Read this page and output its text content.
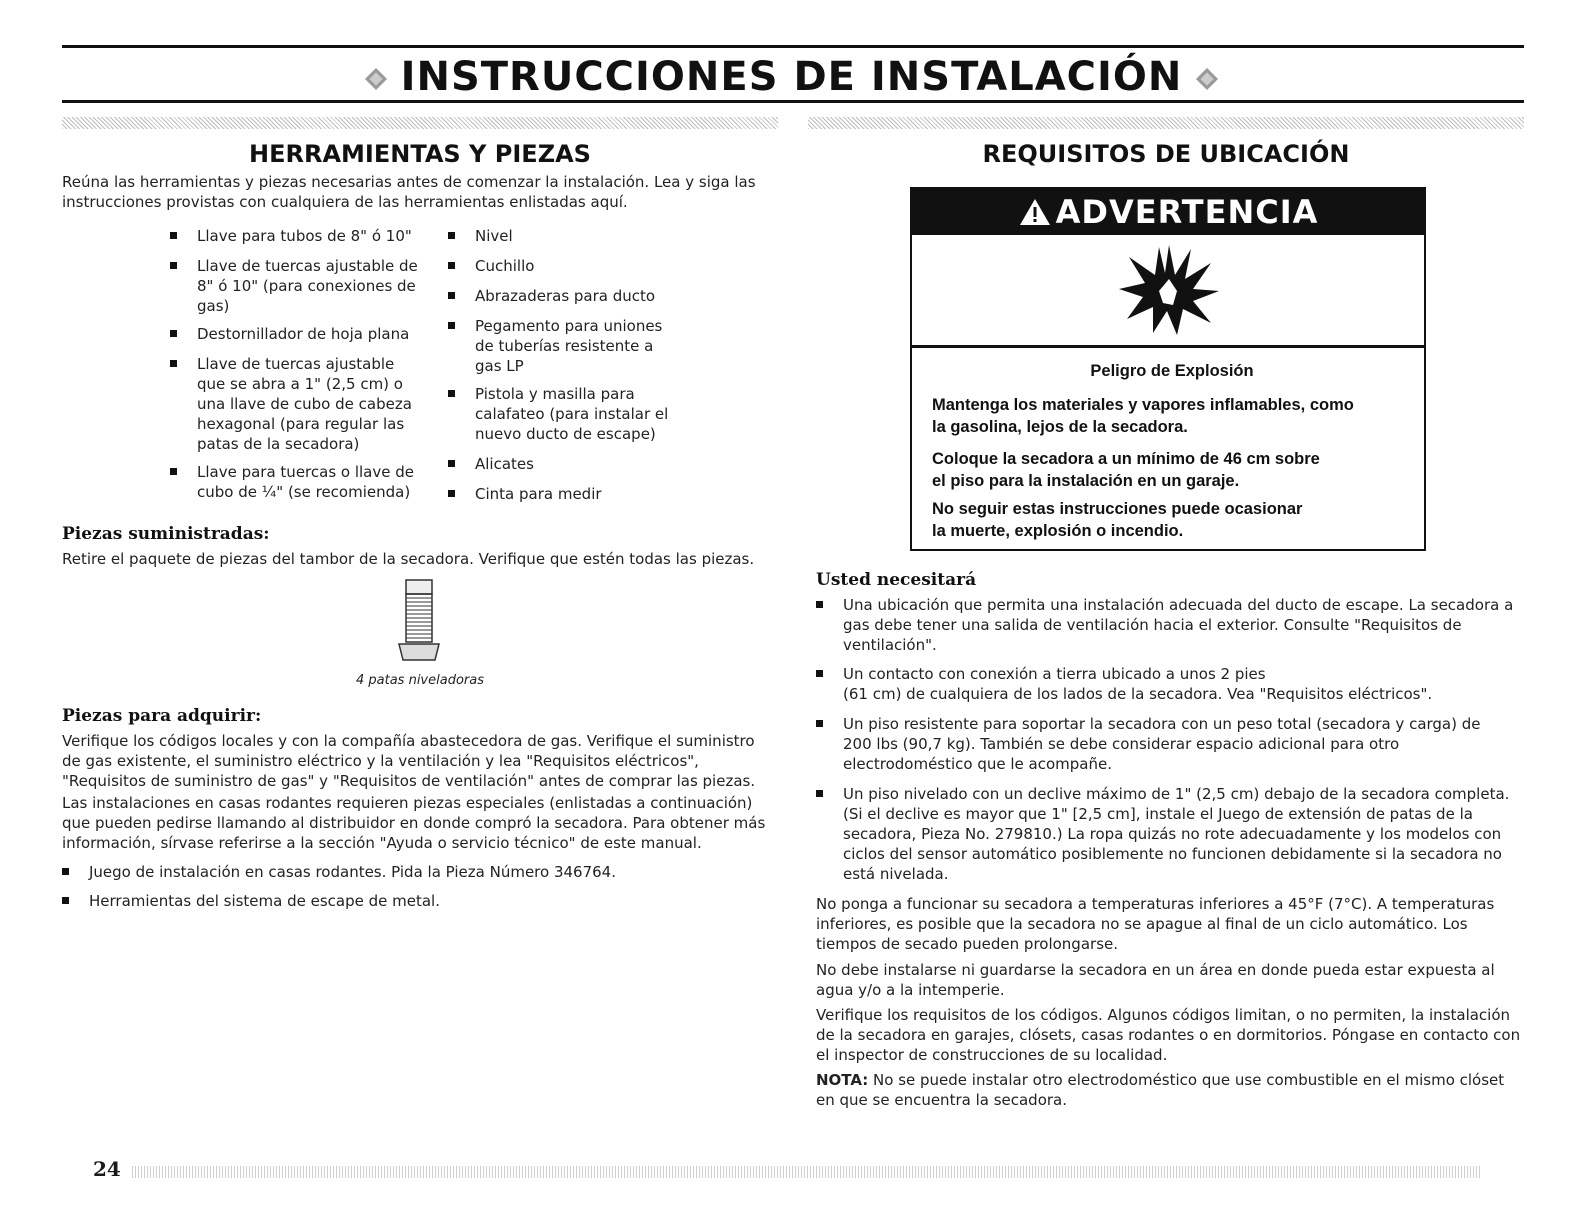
INSTRUCCIONES DE INSTALACIÓN
HERRAMIENTAS Y PIEZAS
Reúna las herramientas y piezas necesarias antes de comenzar la instalación. Lea y siga las
instrucciones provistas con cualquiera de las herramientas enlistadas aquí.
Llave para tubos de 8" ó 10"
Llave de tuercas ajustable de
8" ó 10" (para conexiones de
gas)
Destornillador de hoja plana
Llave de tuercas ajustable
que se abra a 1" (2,5 cm) o
una llave de cubo de cabeza
hexagonal (para regular las
patas de la secadora)
Llave para tuercas o llave de
cubo de ¼" (se recomienda)
Nivel
Cuchillo
Abrazaderas para ducto
Pegamento para uniones
de tuberías resistente a
gas LP
Pistola y masilla para
calafateo (para instalar el
nuevo ducto de escape)
Alicates
Cinta para medir
Piezas suministradas:
Retire el paquete de piezas del tambor de la secadora. Verifique que estén todas las piezas.
4 patas niveladoras
Piezas para adquirir:
Verifique los códigos locales y con la compañía abastecedora de gas. Verifique el suministro
de gas existente, el suministro eléctrico y la ventilación y lea "Requisitos eléctricos",
"Requisitos de suministro de gas" y "Requisitos de ventilación" antes de comprar las piezas.
Las instalaciones en casas rodantes requieren piezas especiales (enlistadas a continuación)
que pueden pedirse llamando al distribuidor en donde compró la secadora. Para obtener más
información, sírvase referirse a la sección "Ayuda o servicio técnico" de este manual.
Juego de instalación en casas rodantes. Pida la Pieza Número 346764.
Herramientas del sistema de escape de metal.
REQUISITOS DE UBICACIÓN
ADVERTENCIA
Peligro de Explosión
Mantenga los materiales y vapores inflamables, como
la gasolina, lejos de la secadora.
Coloque la secadora a un mínimo de 46 cm sobre
el piso para la instalación en un garaje.
No seguir estas instrucciones puede ocasionar
la muerte, explosión o incendio.
Usted necesitará
Una ubicación que permita una instalación adecuada del ducto de escape. La secadora a
gas debe tener una salida de ventilación hacia el exterior. Consulte "Requisitos de
ventilación".
Un contacto con conexión a tierra ubicado a unos 2 pies
(61 cm) de cualquiera de los lados de la secadora. Vea "Requisitos eléctricos".
Un piso resistente para soportar la secadora con un peso total (secadora y carga) de
200 lbs (90,7 kg). También se debe considerar espacio adicional para otro
electrodoméstico que le acompañe.
Un piso nivelado con un declive máximo de 1" (2,5 cm) debajo de la secadora completa.
(Si el declive es mayor que 1" [2,5 cm], instale el Juego de extensión de patas de la
secadora, Pieza No. 279810.) La ropa quizás no rote adecuadamente y los modelos con
ciclos del sensor automático posiblemente no funcionen debidamente si la secadora no
está nivelada.
No ponga a funcionar su secadora a temperaturas inferiores a 45°F (7°C). A temperaturas
inferiores, es posible que la secadora no se apague al final de un ciclo automático. Los
tiempos de secado pueden prolongarse.
No debe instalarse ni guardarse la secadora en un área en donde pueda estar expuesta al
agua y/o a la intemperie.
Verifique los requisitos de los códigos. Algunos códigos limitan, o no permiten, la instalación
de la secadora en garajes, clósets, casas rodantes o en dormitorios. Póngase en contacto con
el inspector de construcciones de su localidad.
NOTA: No se puede instalar otro electrodoméstico que use combustible en el mismo clóset
en que se encuentra la secadora.
24
